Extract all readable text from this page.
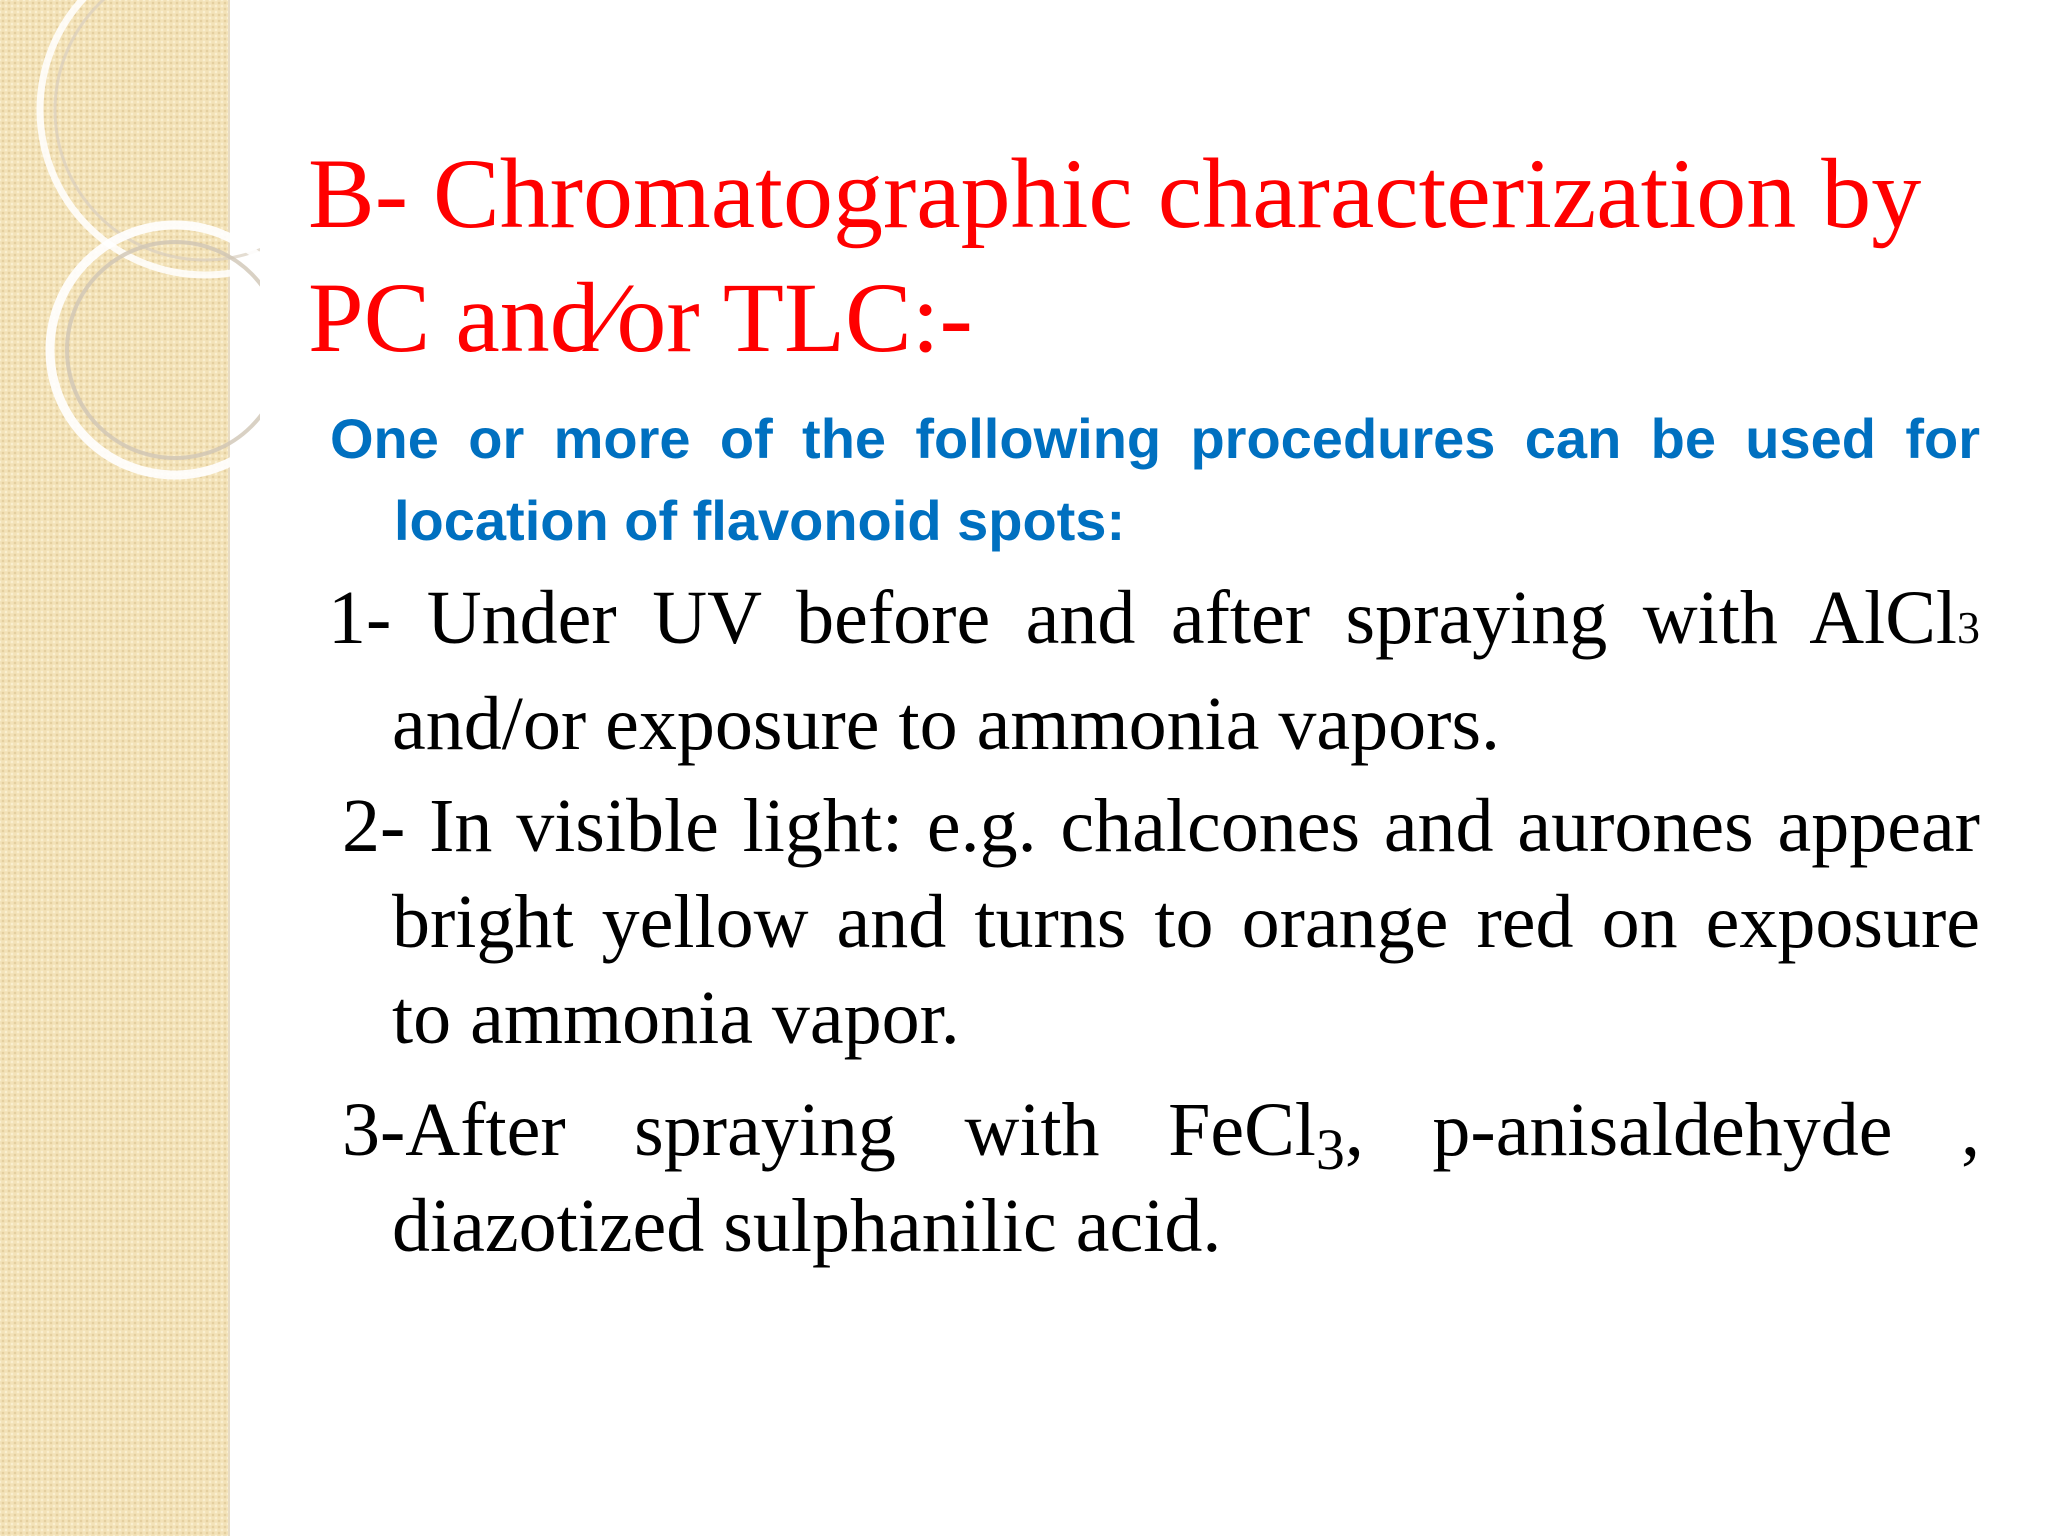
B- Chromatographic characterization by PC and∕or TLC:-

One or more of the following procedures can be used for location of flavonoid spots:

1- Under UV before and after spraying with AlCl3 and/or exposure to ammonia vapors.

2- In visible light: e.g. chalcones and aurones appear bright yellow and turns to orange red on exposure to ammonia vapor.

3-After spraying with FeCl3, p-anisaldehyde , diazotized sulphanilic acid.
